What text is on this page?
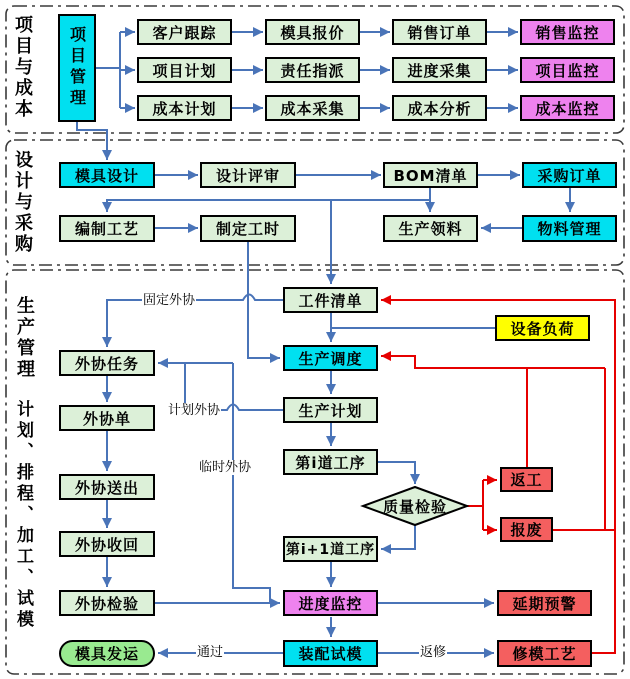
项目与成本
设计与采购
生产管理
计划、排程、加工、试模
项目管理	客户跟踪	模具报价	销售订单	销售监控
项目计划	责任指派	进度采集	项目监控
成本计划	成本采集	成本分析	成本监控
模具设计	设计评审	BOM清单	采购订单
编制工艺	制定工时	生产领料	物料管理
工件清单
设备负荷
生产调度
外协任务
生产计划
外协单
第i道工序
外协送出	返工
报废
外协收回	第i+1道工序
外协检验	进度监控	延期预警
模具发运	装配试模	修模工艺
质量检验
固定外协
计划外协
临时外协
通过	返修
